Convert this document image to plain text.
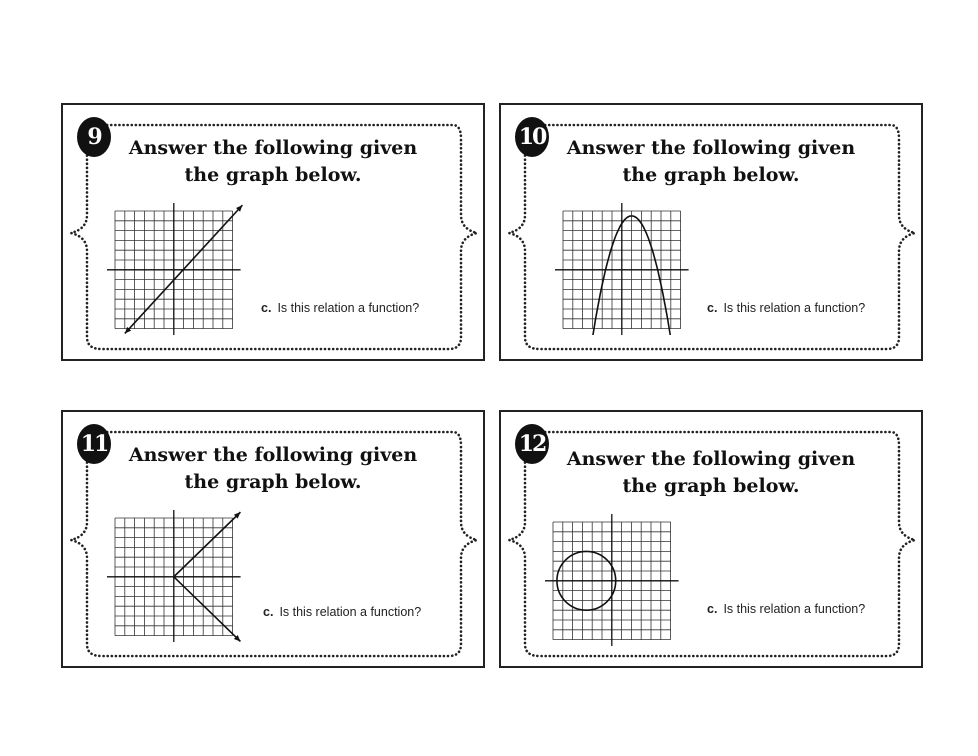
9	Answer the following given
the graph below.
c. Is this relation a function?
10	Answer the following given
the graph below.
c. Is this relation a function?
11	Answer the following given
the graph below.
c. Is this relation a function?
12
Answer the following given
the graph below.
c. Is this relation a function?
